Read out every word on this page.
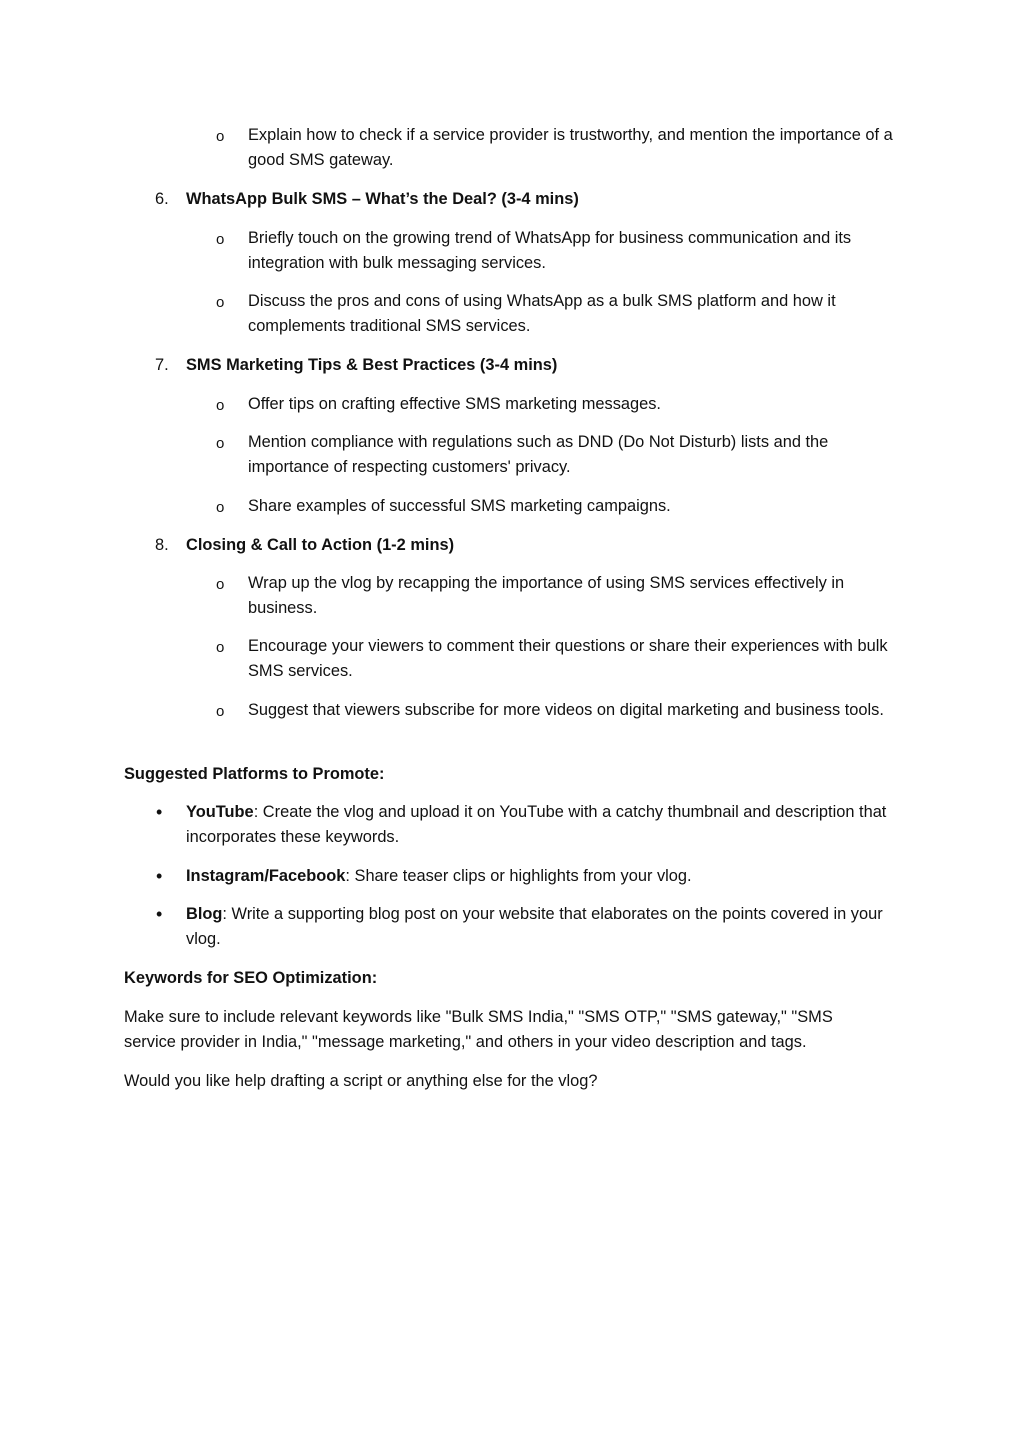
o Explain how to check if a service provider is trustworthy, and mention the importance of a good SMS gateway.
6. WhatsApp Bulk SMS – What’s the Deal? (3-4 mins)
o Briefly touch on the growing trend of WhatsApp for business communication and its integration with bulk messaging services.
o Discuss the pros and cons of using WhatsApp as a bulk SMS platform and how it complements traditional SMS services.
7. SMS Marketing Tips & Best Practices (3-4 mins)
o Offer tips on crafting effective SMS marketing messages.
o Mention compliance with regulations such as DND (Do Not Disturb) lists and the importance of respecting customers' privacy.
o Share examples of successful SMS marketing campaigns.
8. Closing & Call to Action (1-2 mins)
o Wrap up the vlog by recapping the importance of using SMS services effectively in business.
o Encourage your viewers to comment their questions or share their experiences with bulk SMS services.
o Suggest that viewers subscribe for more videos on digital marketing and business tools.
Suggested Platforms to Promote:
• YouTube: Create the vlog and upload it on YouTube with a catchy thumbnail and description that incorporates these keywords.
• Instagram/Facebook: Share teaser clips or highlights from your vlog.
• Blog: Write a supporting blog post on your website that elaborates on the points covered in your vlog.
Keywords for SEO Optimization:
Make sure to include relevant keywords like "Bulk SMS India," "SMS OTP," "SMS gateway," "SMS service provider in India," "message marketing," and others in your video description and tags.
Would you like help drafting a script or anything else for the vlog?
